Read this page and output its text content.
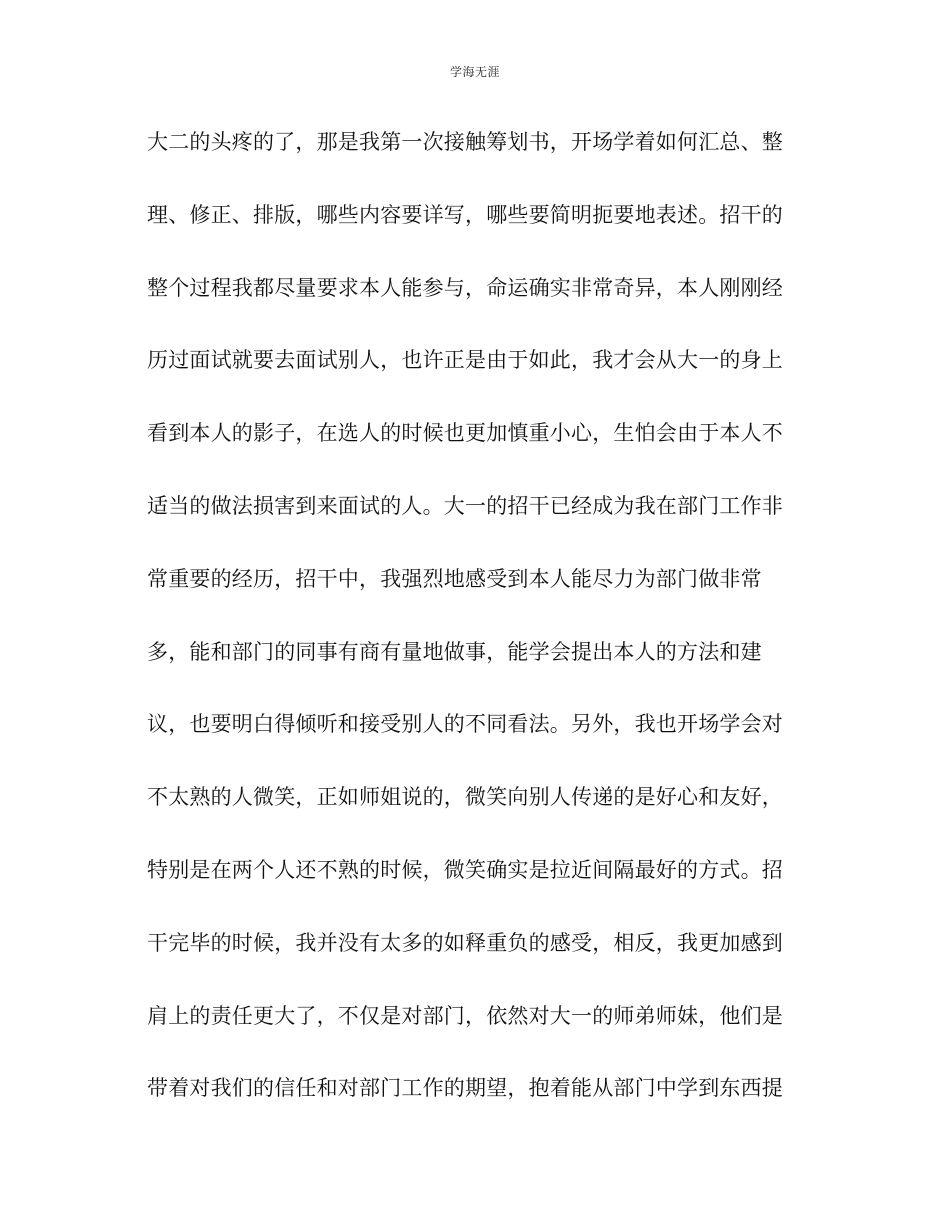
学海无涯
大二的头疼的了，那是我第一次接触筹划书，开场学着如何汇总、整
理、修正、排版，哪些内容要详写，哪些要简明扼要地表述。招干的
整个过程我都尽量要求本人能参与，命运确实非常奇异，本人刚刚经
历过面试就要去面试别人，也许正是由于如此，我才会从大一的身上
看到本人的影子，在选人的时候也更加慎重小心，生怕会由于本人不
适当的做法损害到来面试的人。大一的招干已经成为我在部门工作非
常重要的经历，招干中，我强烈地感受到本人能尽力为部门做非常
多，能和部门的同事有商有量地做事，能学会提出本人的方法和建
议，也要明白得倾听和接受别人的不同看法。另外，我也开场学会对
不太熟的人微笑，正如师姐说的，微笑向别人传递的是好心和友好，
特别是在两个人还不熟的时候，微笑确实是拉近间隔最好的方式。招
干完毕的时候，我并没有太多的如释重负的感受，相反，我更加感到
肩上的责任更大了，不仅是对部门，依然对大一的师弟师妹，他们是
带着对我们的信任和对部门工作的期望，抱着能从部门中学到东西提
